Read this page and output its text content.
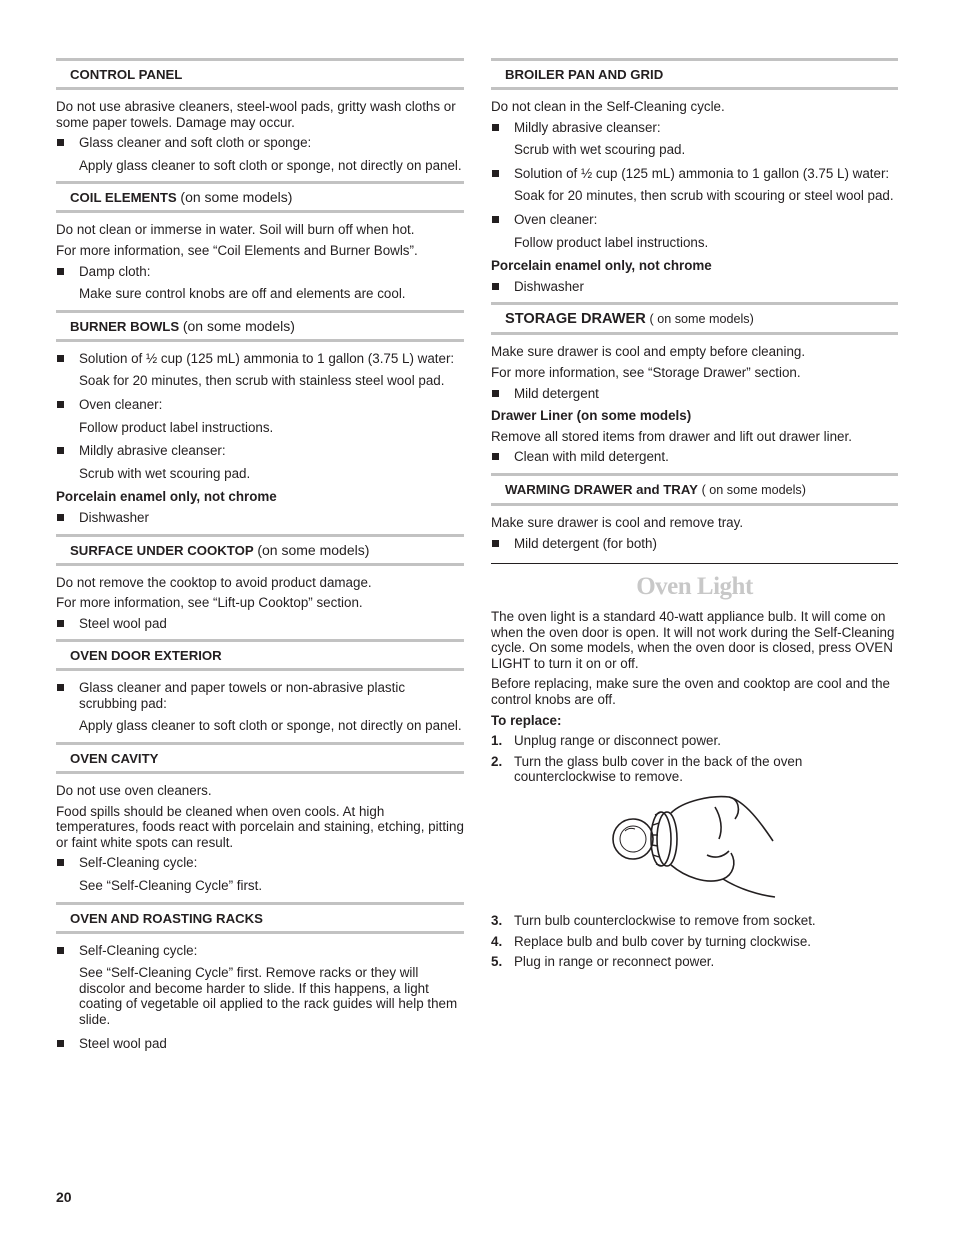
CONTROL PANEL

Do not use abrasive cleaners, steel-wool pads, gritty wash cloths or some paper towels. Damage may occur.

Glass cleaner and soft cloth or sponge:
Apply glass cleaner to soft cloth or sponge, not directly on panel.
COIL ELEMENTS (on some models)

Do not clean or immerse in water. Soil will burn off when hot.

For more information, see “Coil Elements and Burner Bowls”.

Damp cloth:
Make sure control knobs are off and elements are cool.
BURNER BOWLS (on some models)
Solution of ½ cup (125 mL) ammonia to 1 gallon (3.75 L) water:
Soak for 20 minutes, then scrub with stainless steel wool pad.
Oven cleaner:
Follow product label instructions.
Mildly abrasive cleanser:
Scrub with wet scouring pad.

Porcelain enamel only, not chrome

Dishwasher
SURFACE UNDER COOKTOP (on some models)

Do not remove the cooktop to avoid product damage.

For more information, see “Lift-up Cooktop” section.

Steel wool pad
OVEN DOOR EXTERIOR
Glass cleaner and paper towels or non-abrasive plastic scrubbing pad:
Apply glass cleaner to soft cloth or sponge, not directly on panel.
OVEN CAVITY

Do not use oven cleaners.

Food spills should be cleaned when oven cools. At high temperatures, foods react with porcelain and staining, etching, pitting or faint white spots can result.

Self-Cleaning cycle:
See “Self-Cleaning Cycle” first.
OVEN AND ROASTING RACKS
Self-Cleaning cycle:
See “Self-Cleaning Cycle” first. Remove racks or they will discolor and become harder to slide. If this happens, a light coating of vegetable oil applied to the rack guides will help them slide.
Steel wool pad
BROILER PAN AND GRID

Do not clean in the Self-Cleaning cycle.

Mildly abrasive cleanser:
Scrub with wet scouring pad.
Solution of ½ cup (125 mL) ammonia to 1 gallon (3.75 L) water:
Soak for 20 minutes, then scrub with scouring or steel wool pad.
Oven cleaner:
Follow product label instructions.

Porcelain enamel only, not chrome

Dishwasher
STORAGE DRAWER ( on some models)

Make sure drawer is cool and empty before cleaning.

For more information, see “Storage Drawer” section.

Mild detergent

Drawer Liner (on some models)

Remove all stored items from drawer and lift out drawer liner.

Clean with mild detergent.
WARMING DRAWER and TRAY ( on some models)

Make sure drawer is cool and remove tray.

Mild detergent (for both)
Oven Light

The oven light is a standard 40-watt appliance bulb. It will come on when the oven door is open. It will not work during the Self-Cleaning cycle. On some models, when the oven door is closed, press OVEN LIGHT to turn it on or off.

Before replacing, make sure the oven and cooktop are cool and the control knobs are off.

To replace:

1. Unplug range or disconnect power.
2. Turn the glass bulb cover in the back of the oven counterclockwise to remove.
3. Turn bulb counterclockwise to remove from socket.
4. Replace bulb and bulb cover by turning clockwise.
5. Plug in range or reconnect power.
20
